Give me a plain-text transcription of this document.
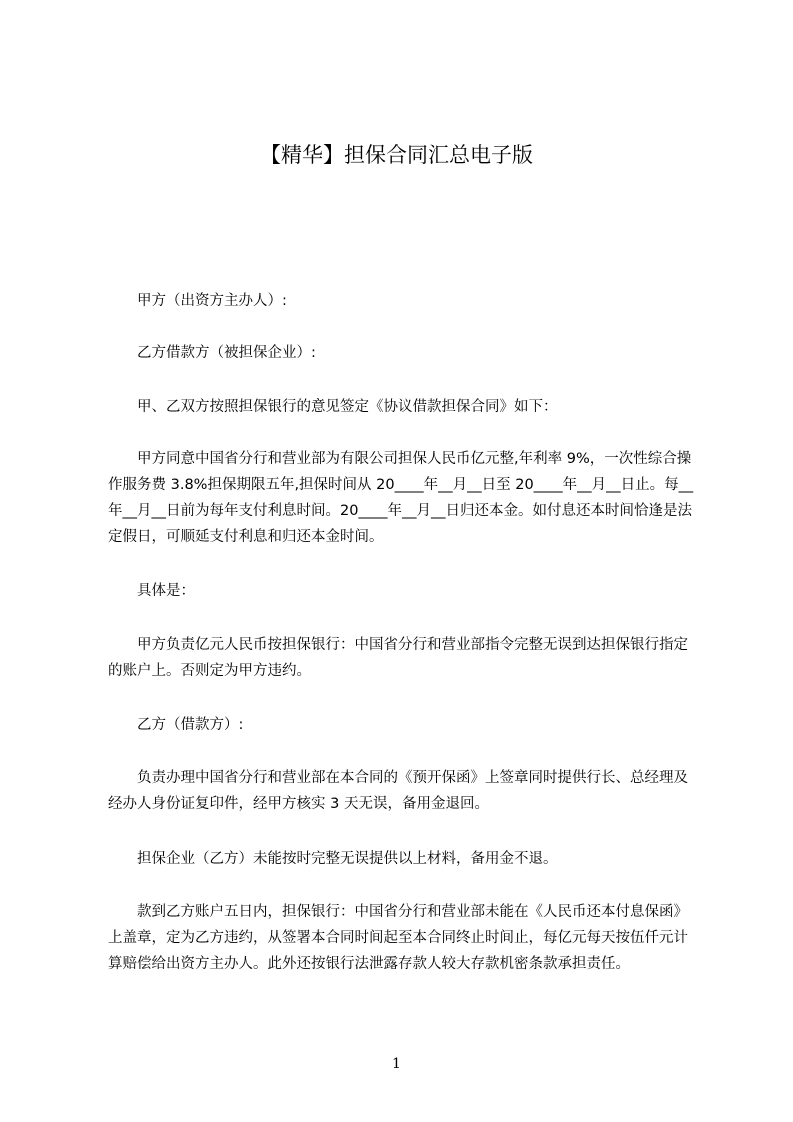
【精华】担保合同汇总电子版

甲方（出资方主办人）:

乙方借款方（被担保企业）:

甲、乙双方按照担保银行的意见签定《协议借款担保合同》如下：

甲方同意中国省分行和营业部为有限公司担保人民币亿元整,年利率 9%，一次性综合操作服务费 3.8%担保期限五年,担保时间从 20____年__月__日至 20____年__月__日止。每__年__月__日前为每年支付利息时间。20____年__月__日归还本金。如付息还本时间恰逢是法定假日，可顺延支付利息和归还本金时间。

具体是：

甲方负责亿元人民币按担保银行：中国省分行和营业部指令完整无误到达担保银行指定的账户上。否则定为甲方违约。

乙方（借款方）:

负责办理中国省分行和营业部在本合同的《预开保函》上签章同时提供行长、总经理及经办人身份证复印件，经甲方核实 3 天无误，备用金退回。

担保企业（乙方）未能按时完整无误提供以上材料，备用金不退。

款到乙方账户五日内，担保银行：中国省分行和营业部未能在《人民币还本付息保函》上盖章，定为乙方违约，从签署本合同时间起至本合同终止时间止，每亿元每天按伍仟元计算赔偿给出资方主办人。此外还按银行法泄露存款人较大存款机密条款承担责任。

1
